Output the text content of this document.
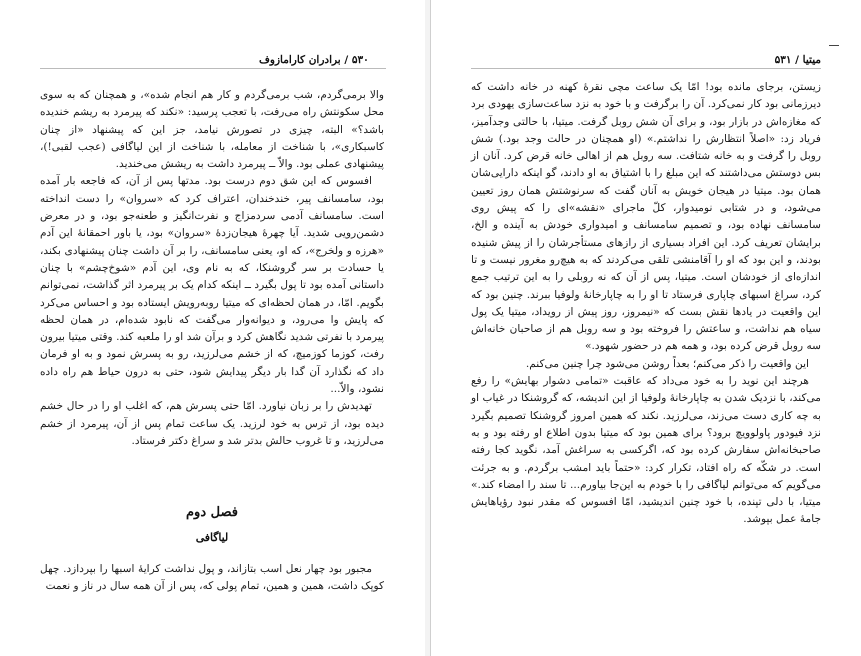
۵۳۰ / برادران کارامازوف

والا برمی‌گردم، شب برمی‌گردم و کار هم انجام شده»، و همچنان که به سوی محل سکونتش راه می‌رفت، با تعجب پرسید: «نکند که پیرمرد به ریشم خندیده باشد؟» البته، چیزی در تصورش نیامد، جز این که پیشنهاد «از چنان کاسبکاری»، با شناخت از معامله، با شناخت از این لیاگافی (عجب لقبی!)، پیشنهادی عملی بود. والاّ ــ پیرمرد داشت به ریشش می‌خندید.

افسوس که این شق دوم درست بود. مدتها پس از آن، که فاجعه بار آمده بود، سامسانف پیر، خندخندان، اعتراف کرد که «سروان» را دست انداخته است. سامسانف آدمی سردمزاج و نفرت‌انگیز و طعنه‌جو بود، و در معرض دشمن‌رویی شدید. آیا چهرهٔ هیجان‌زدهٔ «سروان» بود، یا باور احمقانهٔ این آدم «هرزه و ولخرج»، که او، یعنی سامسانف، را بر آن داشت چنان پیشنهادی بکند، یا حسادت بر سر گروشنکا، که به نام وی، این آدم «شوخ‌چشم» با چنان داستانی آمده بود تا پول بگیرد ــ اینکه کدام یک بر پیرمرد اثر گذاشت، نمی‌توانم بگویم. امّا، در همان لحظه‌ای که میتیا روبه‌رویش ایستاده بود و احساس می‌کرد که پایش وا می‌رود، و دیوانه‌وار می‌گفت که نابود شده‌ام، در همان لحظه پیرمرد با نفرتی شدید نگاهش کرد و برآن شد او را ملعبه کند. وقتی میتیا بیرون رفت، کوزما کوزمیچ، که از خشم می‌لرزید، رو به پسرش نمود و به او فرمان داد که نگذارد آن گدا بار دیگر پیدایش شود، حتی به درون حیاط هم راه داده نشود، والاّ...

تهدیدش را بر زبان نیاورد. امّا حتی پسرش هم، که اغلب او را در حال خشم دیده بود، از ترس به خود لرزید. یک ساعت تمام پس از آن، پیرمرد از خشم می‌لرزید، و تا غروب حالش بدتر شد و سراغ دکتر فرستاد.

فصل دوم
لیاگافی

مجبور بود چهار نعل اسب بتازاند، و پول نداشت کرایهٔ اسبها را بپردازد. چهل کوپک داشت، همین و همین، تمام پولی که، پس از آن همه سال در ناز و نعمت

میتیا / ۵۳۱

زیستن، برجای مانده بود! امّا یک ساعت مچی نقرهٔ کهنه در خانه داشت که دیرزمانی بود کار نمی‌کرد. آن را برگرفت و با خود به نزد ساعت‌سازی یهودی برد که مغازه‌اش در بازار بود، و برای آن شش روبل گرفت. میتیا، با حالتی وجدآمیز، فریاد زد: «اصلاً انتظارش را نداشتم.» (او همچنان در حالت وجد بود.) شش روبل را گرفت و به خانه شتافت. سه روبل هم از اهالی خانه قرض کرد. آنان از بس دوستش می‌داشتند که این مبلغ را با اشتیاق به او دادند، گو اینکه دارایی‌شان همان بود. میتیا در هیجان خویش به آنان گفت که سرنوشتش همان روز تعیین می‌شود، و در شتابی نومیدوار، کلّ ماجرای «نقشه»ای را که پیش روی سامسانف نهاده بود، و تصمیم سامسانف و امیدواری خودش به آینده و الخ، برایشان تعریف کرد. این افراد بسیاری از رازهای مستأجرشان را از پیش شنیده بودند، و این بود که او را آقامنشی تلقی می‌کردند که به هیچ‌رو مغرور نیست و تا اندازه‌ای از خودشان است. میتیا، پس از آن که نه روبلی را به این ترتیب جمع کرد، سراغ اسبهای چاپاری فرستاد تا او را به چاپارخانهٔ ولوفیا ببرند. چنین بود که این واقعیت در یادها نقش بست که «نیمروز، روز پیش از رویداد، میتیا یک پول سیاه هم نداشت، و ساعتش را فروخته بود و سه روبل هم از صاحبان خانه‌اش سه روبل قرض کرده بود، و همه هم در حضور شهود.»

این واقعیت را ذکر می‌کنم؛ بعداً روشن می‌شود چرا چنین می‌کنم.

هرچند این نوید را به خود می‌داد که عاقبت «تمامی دشوار بهایش» را رفع می‌کند، با نزدیک شدن به چاپارخانهٔ ولوفیا از این اندیشه، که گروشنکا در غیاب او به چه کاری دست می‌زند، می‌لرزید. نکند که همین امروز گروشنکا تصمیم بگیرد نزد فیودور پاولوویچ برود؟ برای همین بود که میتیا بدون اطلاع او رفته بود و به صاحبخانه‌اش سفارش کرده بود که، اگرکسی به سراغش آمد، نگوید کجا رفته است. در شکّه که راه افتاد، تکرار کرد: «حتماً باید امشب برگردم. و به جرئت می‌گویم که می‌توانم لیاگافی را با خودم به این‌جا بیاورم... تا سند را امضاء کند.» میتیا، با دلی تپنده، با خود چنین اندیشید، امّا افسوس که مقدر نبود رؤیاهایش جامهٔ عمل بپوشد.
